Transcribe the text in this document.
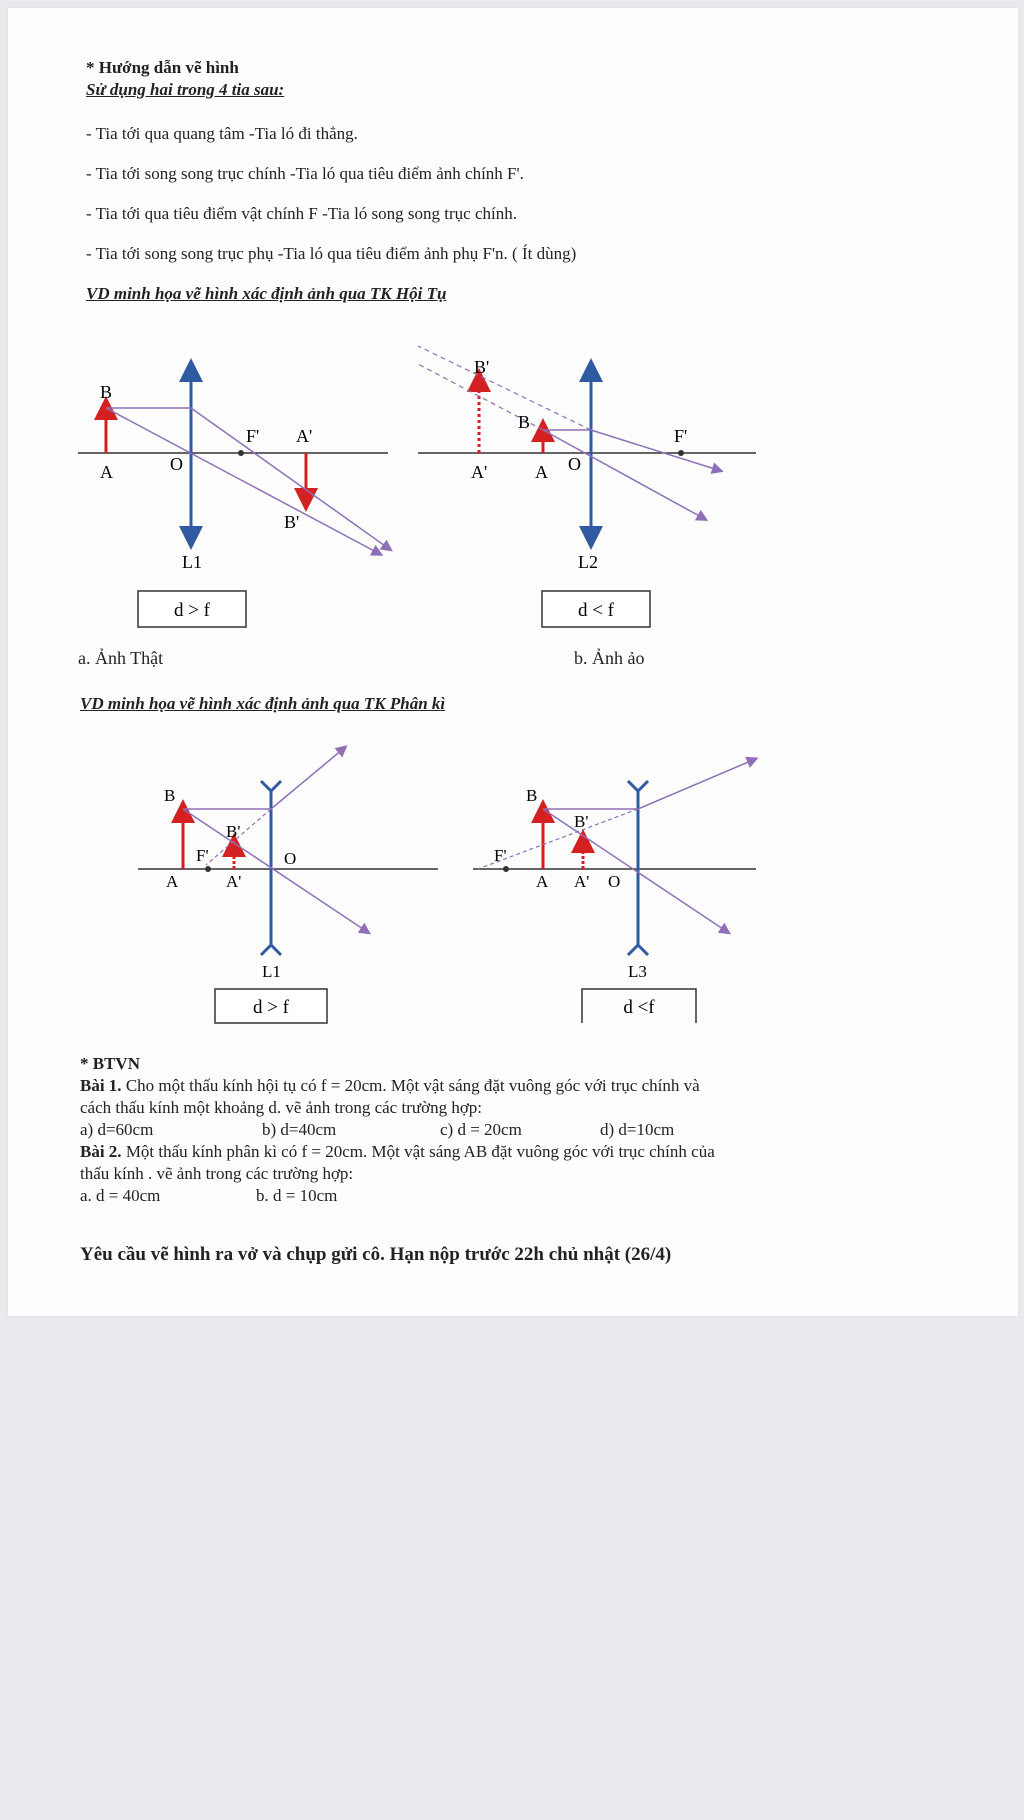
* Hướng dẫn vẽ hình
Sử dụng hai trong 4 tia sau:
- Tia tới qua quang tâm -Tia ló đi thẳng.
- Tia tới song song trục chính -Tia ló qua tiêu điểm ảnh chính F'.
- Tia tới qua tiêu điểm vật chính F -Tia ló song song trục chính.
- Tia tới song song trục phụ -Tia ló qua tiêu điểm ảnh phụ F'n. ( Ít dùng)
VD minh họa vẽ hình xác định ảnh qua TK Hội Tụ
B
A	O
F' A'
B'
L1
B'
B
A'	A O
F'
L2
d > f	d < f
a. Ảnh Thật	b. Ảnh ảo
VD minh họa vẽ hình xác định ảnh qua TK Phân kì
B
B'
F'
A	A'
O
L1
B
B'
F'
A A' O
L3
d > f	d <f
* BTVN
Bài 1. Cho một thấu kính hội tụ có f = 20cm. Một vật sáng đặt vuông góc với trục chính và
cách thấu kính một khoảng d. vẽ ảnh trong các trường hợp:
a) d=60cm	b) d=40cm	c) d = 20cm	d) d=10cm
Bài 2. Một thấu kính phân kì có f = 20cm. Một vật sáng AB đặt vuông góc với trục chính của
thấu kính . vẽ ảnh trong các trường hợp:
a. d = 40cm	b. d = 10cm
Yêu cầu vẽ hình ra vở và chụp gửi cô. Hạn nộp trước 22h chủ nhật (26/4)
